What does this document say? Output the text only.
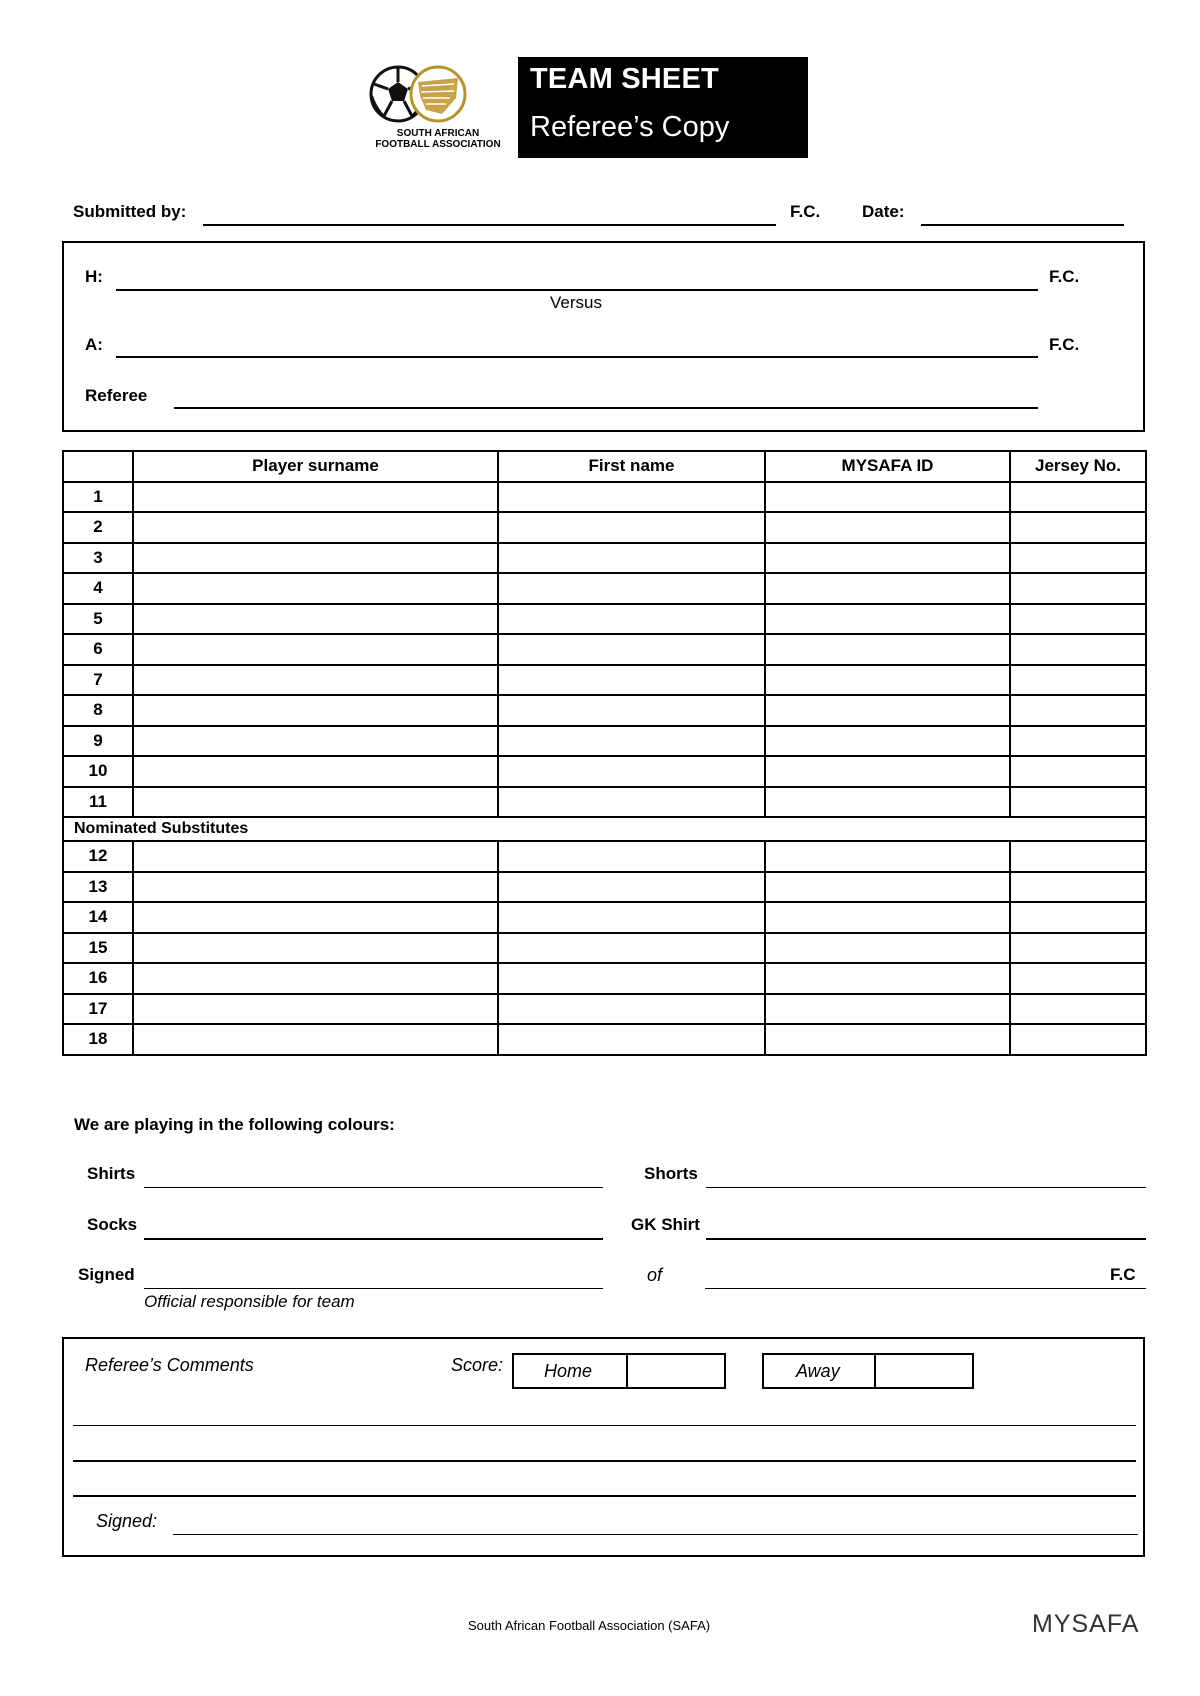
SOUTH AFRICAN
FOOTBALL ASSOCIATION
TEAM SHEET
Referee’s Copy
Submitted by:	F.C. Date:
H:	F.C.
Versus
A:	F.C.
Referee
	Player surname	First name	MYSAFA ID	Jersey No.
1				
2				
3				
4				
5				
6				
7				
8				
9				
10				
11				
Nominated Substitutes				
12				
13				
14				
15				
16				
17				
18				
We are playing in the following colours:
Shirts	Shorts
Socks	GK Shirt
Signed	of	F.C
Official responsible for team
Referee’s Comments	Score: Home	Away
Signed:
South African Football Association (SAFA)	MYSAFA
